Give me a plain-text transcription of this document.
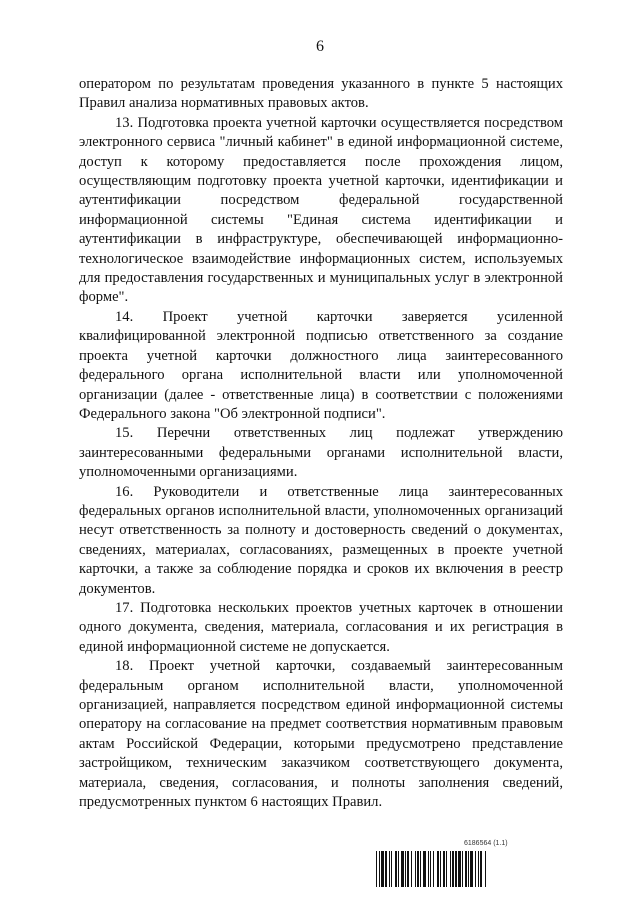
6

оператором по результатам проведения указанного в пункте 5 настоящих Правил анализа нормативных правовых актов.

13. Подготовка проекта учетной карточки осуществляется посредством электронного сервиса "личный кабинет" в единой информационной системе, доступ к которому предоставляется после прохождения лицом, осуществляющим подготовку проекта учетной карточки, идентификации и аутентификации посредством федеральной государственной информационной системы "Единая система идентификации и аутентификации в инфраструктуре, обеспечивающей информационно-технологическое взаимодействие информационных систем, используемых для предоставления государственных и муниципальных услуг в электронной форме".

14. Проект учетной карточки заверяется усиленной квалифицированной электронной подписью ответственного за создание проекта учетной карточки должностного лица заинтересованного федерального органа исполнительной власти или уполномоченной организации (далее - ответственные лица) в соответствии с положениями Федерального закона "Об электронной подписи".

15. Перечни ответственных лиц подлежат утверждению заинтересованными федеральными органами исполнительной власти, уполномоченными организациями.

16. Руководители и ответственные лица заинтересованных федеральных органов исполнительной власти, уполномоченных организаций несут ответственность за полноту и достоверность сведений о документах, сведениях, материалах, согласованиях, размещенных в проекте учетной карточки, а также за соблюдение порядка и сроков их включения в реестр документов.

17. Подготовка нескольких проектов учетных карточек в отношении одного документа, сведения, материала, согласования и их регистрация в единой информационной системе не допускается.

18. Проект учетной карточки, создаваемый заинтересованным федеральным органом исполнительной власти, уполномоченной организацией, направляется посредством единой информационной системы оператору на согласование на предмет соответствия нормативным правовым актам Российской Федерации, которыми предусмотрено представление застройщиком, техническим заказчиком соответствующего документа, материала, сведения, согласования, и полноты заполнения сведений, предусмотренных пунктом 6 настоящих Правил.

6186564 (1.1)
